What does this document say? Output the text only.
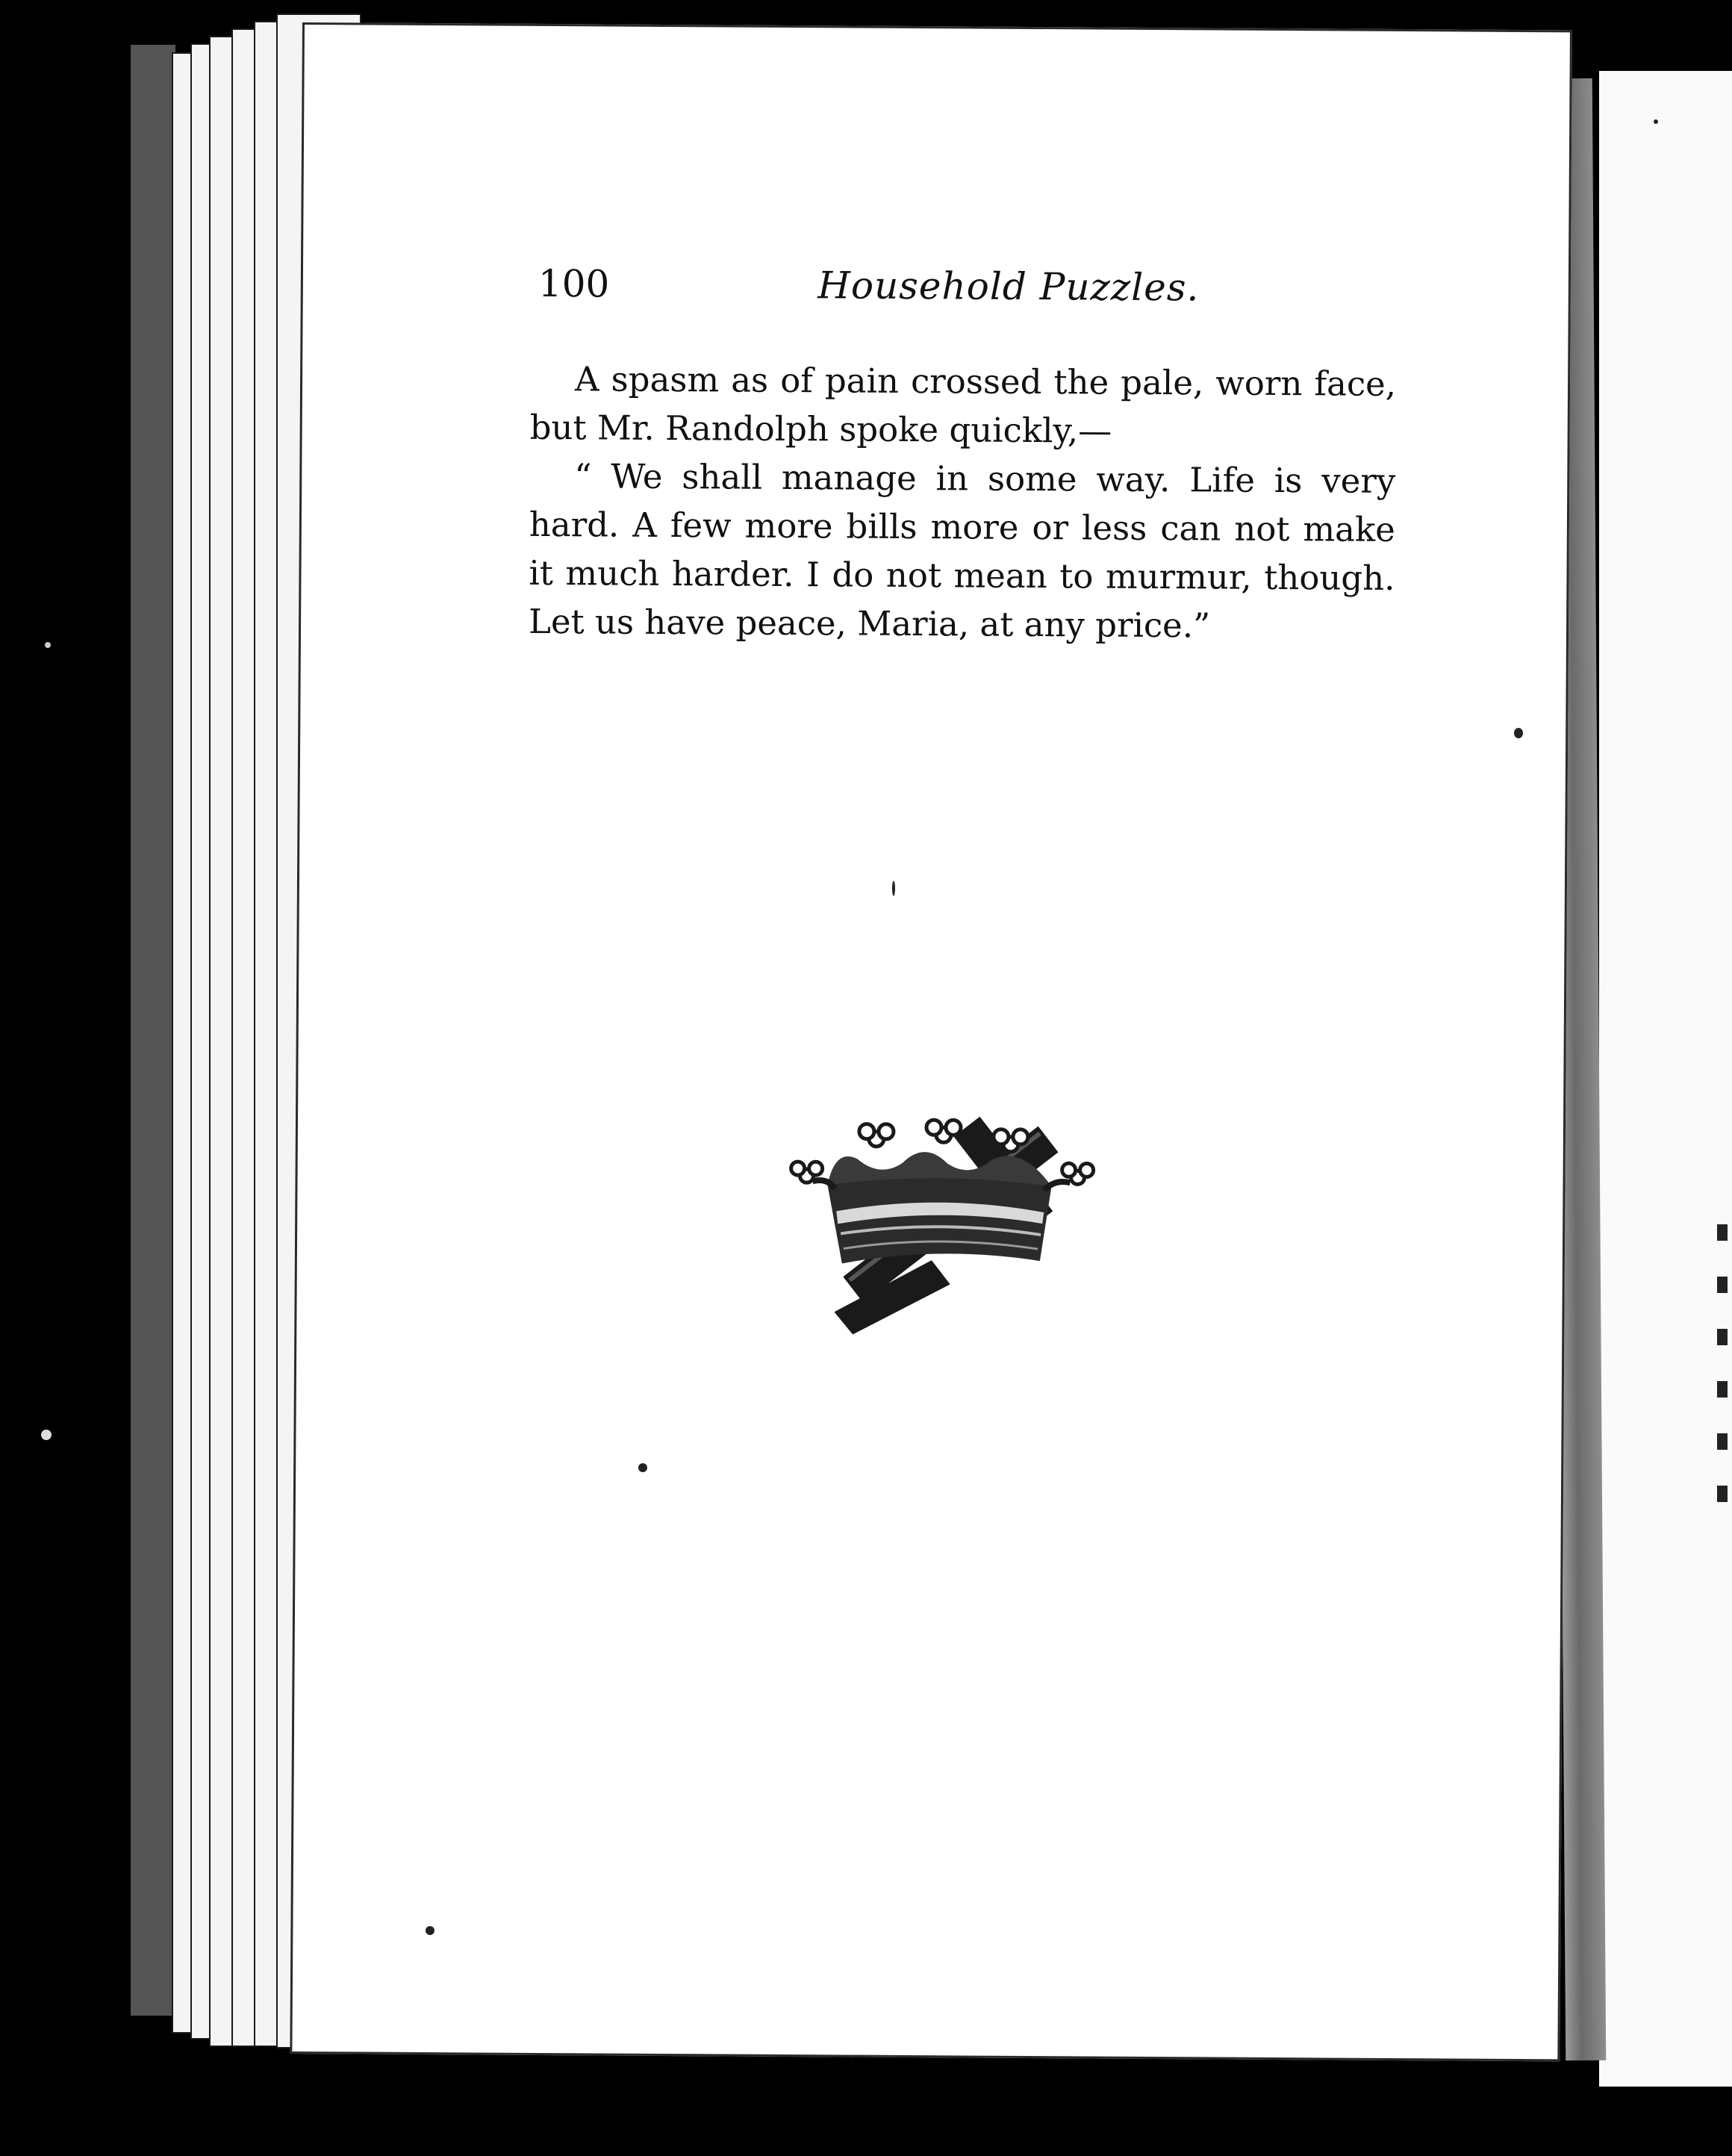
100	Household Puzzles.

A spasm as of pain crossed the pale, worn face, but Mr. Randolph spoke quickly,—

“ We shall manage in some way. Life is very hard. A few more bills more or less can not make it much harder. I do not mean to murmur, though. Let us have peace, Maria, at any price.”
